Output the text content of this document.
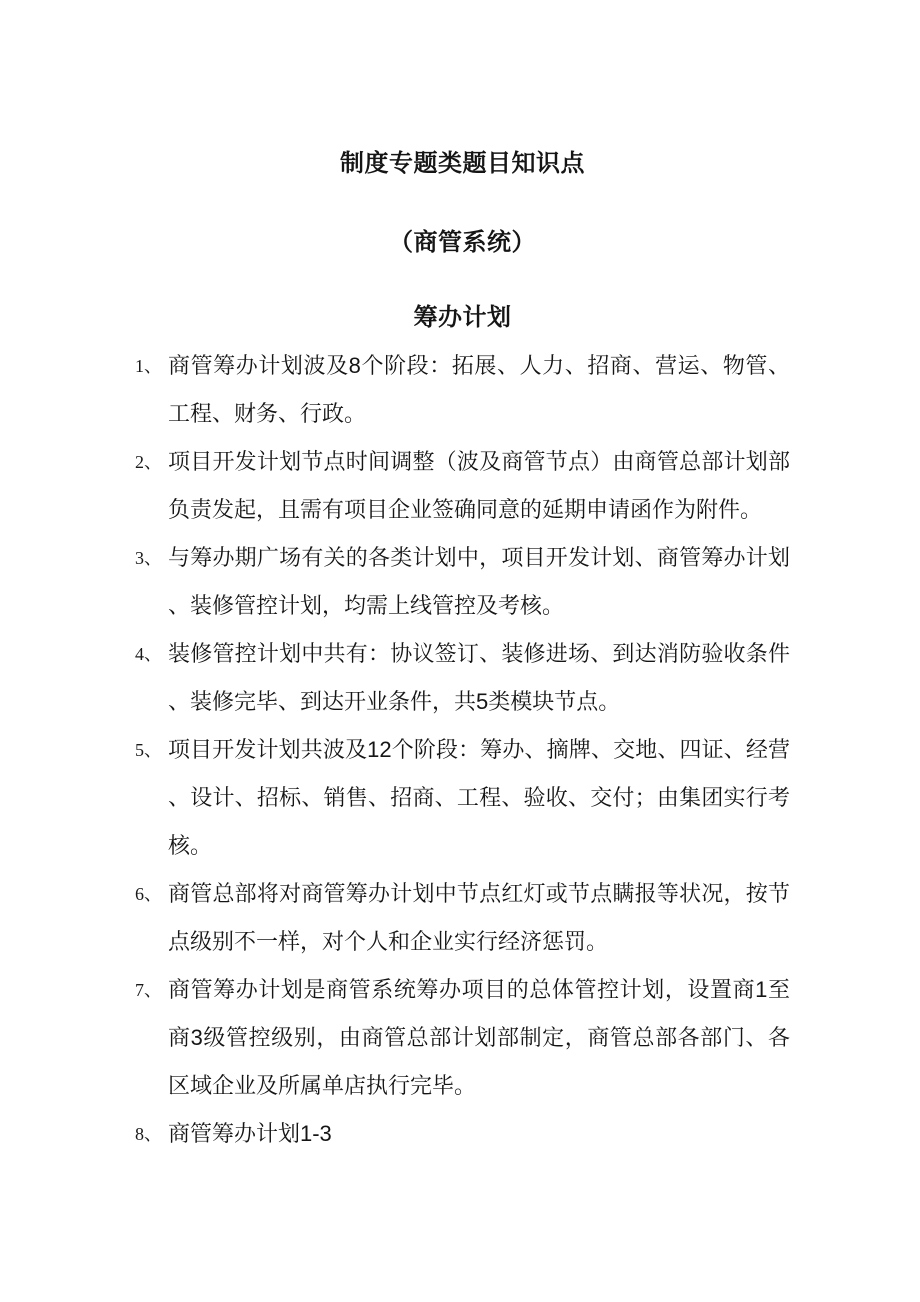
制度专题类题目知识点
（商管系统）
筹办计划
1、 商管筹办计划波及8个阶段：拓展、人力、招商、营运、物管、
工程、财务、行政。
2、 项目开发计划节点时间调整（波及商管节点）由商管总部计划部
负责发起，且需有项目企业签确同意的延期申请函作为附件。
3、 与筹办期广场有关的各类计划中，项目开发计划、商管筹办计划
、装修管控计划，均需上线管控及考核。
4、 装修管控计划中共有：协议签订、装修进场、到达消防验收条件
、装修完毕、到达开业条件，共5类模块节点。
5、 项目开发计划共波及12个阶段：筹办、摘牌、交地、四证、经营
、设计、招标、销售、招商、工程、验收、交付；由集团实行考
核。
6、 商管总部将对商管筹办计划中节点红灯或节点瞒报等状况，按节
点级别不一样，对个人和企业实行经济惩罚。
7、 商管筹办计划是商管系统筹办项目的总体管控计划，设置商1至
商3级管控级别，由商管总部计划部制定，商管总部各部门、各
区域企业及所属单店执行完毕。
8、 商管筹办计划1-3
